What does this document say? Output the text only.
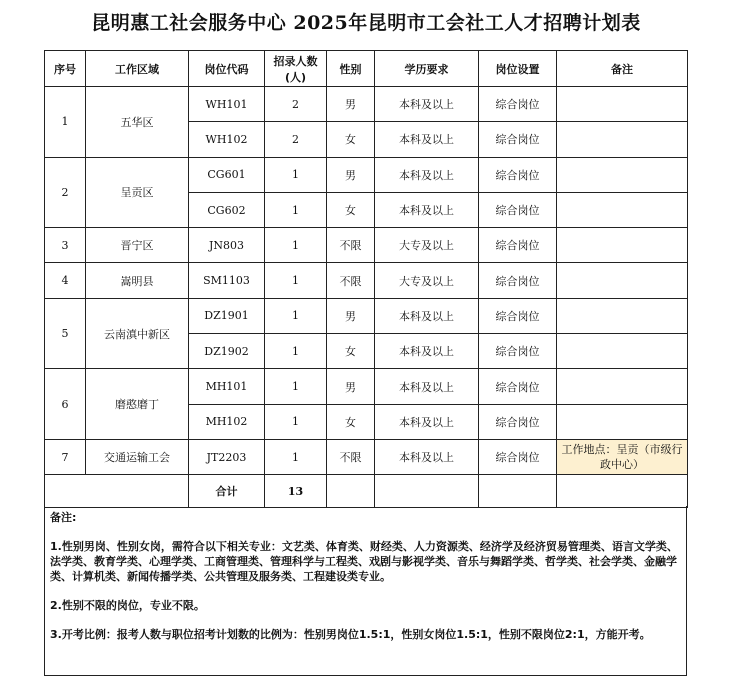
昆明惠工社会服务中心 2025年昆明市工会社工人才招聘计划表
序号	工作区域	岗位代码	招录人数(人)	性别	学历要求	岗位设置	备注
1	五华区	WH101	2	男	本科及以上	综合岗位	
		WH102	2	女	本科及以上	综合岗位	
2	呈贡区	CG601	1	男	本科及以上	综合岗位	
		CG602	1	女	本科及以上	综合岗位	
3	晋宁区	JN803	1	不限	大专及以上	综合岗位	
4	嵩明县	SM1103	1	不限	大专及以上	综合岗位	
5	云南滇中新区	DZ1901	1	男	本科及以上	综合岗位	
		DZ1902	1	女	本科及以上	综合岗位	
6	磨憨磨丁	MH101	1	男	本科及以上	综合岗位	
		MH102	1	女	本科及以上	综合岗位	
7	交通运输工会	JT2203	1	不限	本科及以上	综合岗位	工作地点：呈贡（市级行政中心）
		合计	13				

备注:

1.性别男岗、性别女岗，需符合以下相关专业：文艺类、体育类、财经类、人力资源类、经济学及经济贸易管理类、语言文学类、法学类、教育学类、心理学类、工商管理类、管理科学与工程类、戏剧与影视学类、音乐与舞蹈学类、哲学类、社会学类、金融学类、计算机类、新闻传播学类、公共管理及服务类、工程建设类专业。

2.性别不限的岗位，专业不限。

3.开考比例：报考人数与职位招考计划数的比例为：性别男岗位1.5:1，性别女岗位1.5:1，性别不限岗位2:1，方能开考。
